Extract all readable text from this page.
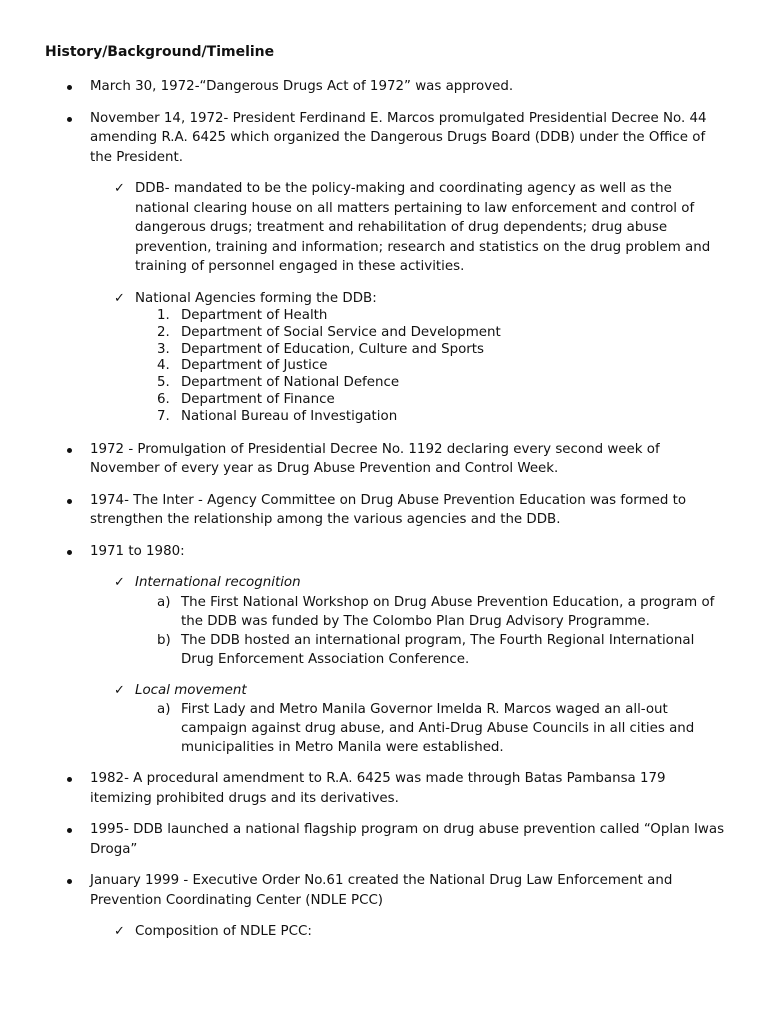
History/Background/Timeline
March 30, 1972-“Dangerous Drugs Act of 1972” was approved.
November 14, 1972- President Ferdinand E. Marcos promulgated Presidential Decree No. 44 amending R.A. 6425 which organized the Dangerous Drugs Board (DDB) under the Office of the President.
✓ DDB- mandated to be the policy-making and coordinating agency as well as the national clearing house on all matters pertaining to law enforcement and control of dangerous drugs; treatment and rehabilitation of drug dependents; drug abuse prevention, training and information; research and statistics on the drug problem and training of personnel engaged in these activities.
✓ National Agencies forming the DDB:
1. Department of Health
2. Department of Social Service and Development
3. Department of Education, Culture and Sports
4. Department of Justice
5. Department of National Defence
6. Department of Finance
7. National Bureau of Investigation
1972 - Promulgation of Presidential Decree No. 1192 declaring every second week of November of every year as Drug Abuse Prevention and Control Week.
1974- The Inter - Agency Committee on Drug Abuse Prevention Education was formed to strengthen the relationship among the various agencies and the DDB.
1971 to 1980:
✓ International recognition
a) The First National Workshop on Drug Abuse Prevention Education, a program of the DDB was funded by The Colombo Plan Drug Advisory Programme.
b) The DDB hosted an international program, The Fourth Regional International Drug Enforcement Association Conference.
✓ Local movement
a) First Lady and Metro Manila Governor Imelda R. Marcos waged an all-out campaign against drug abuse, and Anti-Drug Abuse Councils in all cities and municipalities in Metro Manila were established.
1982- A procedural amendment to R.A. 6425 was made through Batas Pambansa 179 itemizing prohibited drugs and its derivatives.
1995- DDB launched a national flagship program on drug abuse prevention called “Oplan Iwas Droga”
January 1999 - Executive Order No.61 created the National Drug Law Enforcement and Prevention Coordinating Center (NDLE PCC)
✓ Composition of NDLE PCC:
